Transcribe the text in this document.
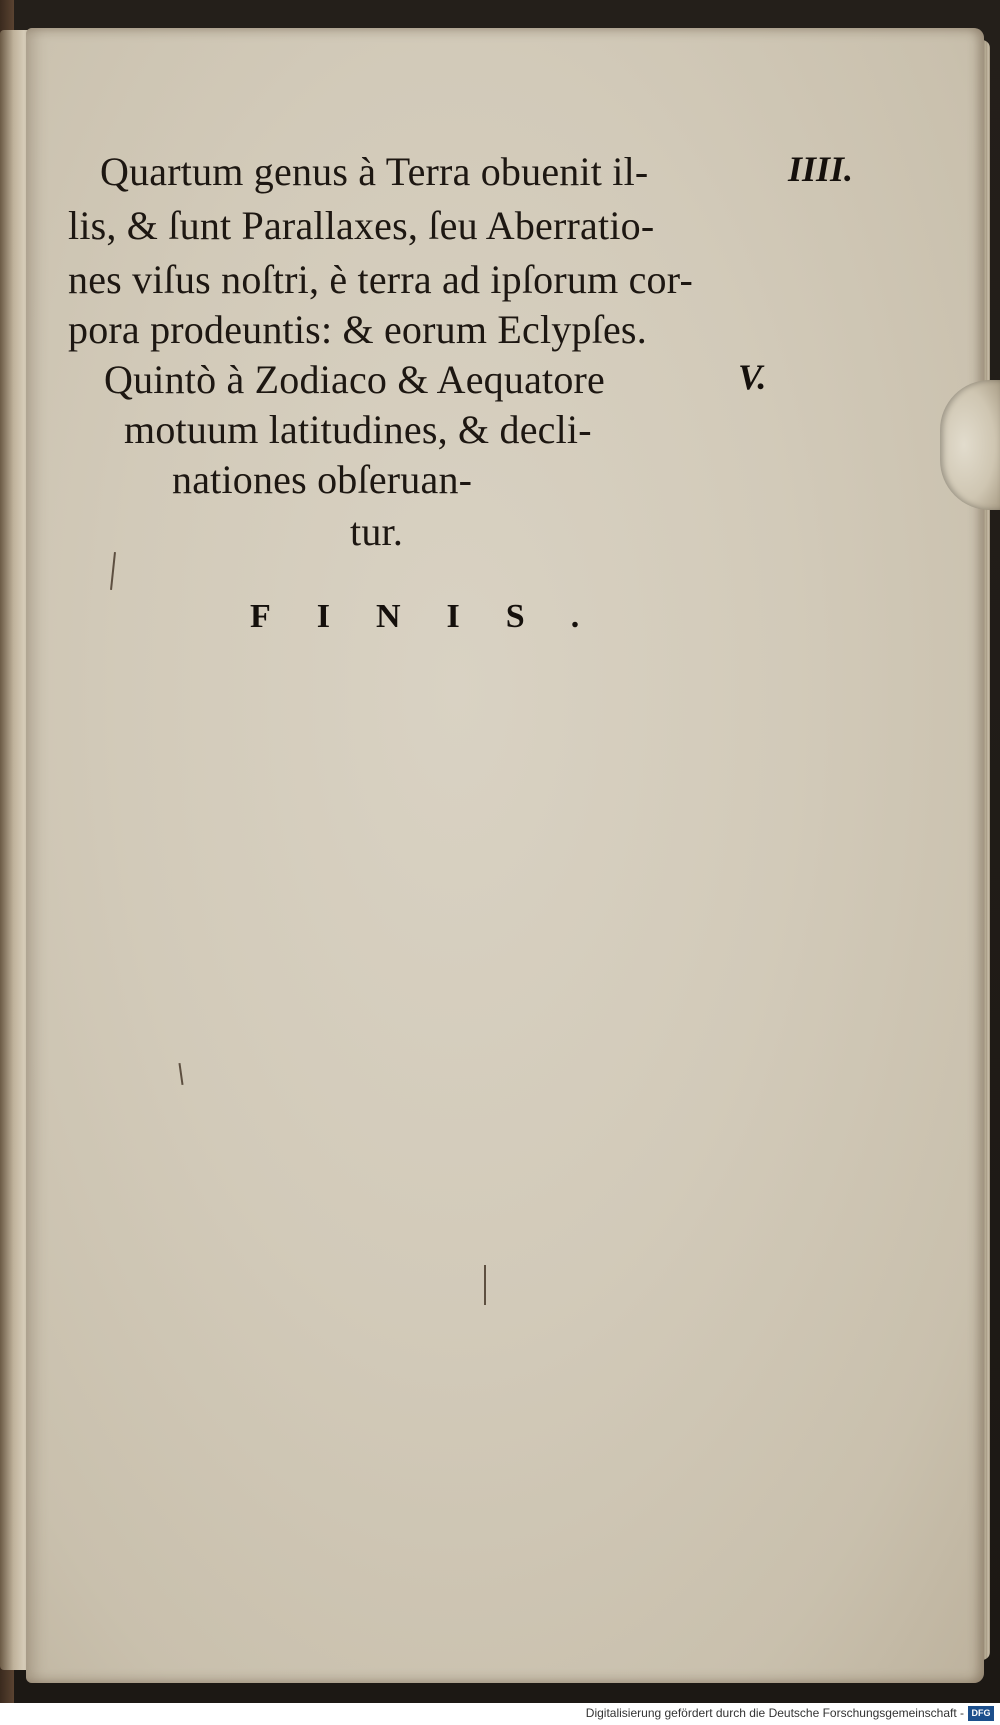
Quartum genus à Terra obuenit il-
lis, & ſunt Parallaxes, ſeu Aberratio-
nes viſus noſtri, è terra ad ipſorum cor-
pora prodeuntis: & eorum Eclypſes.
Quintò à Zodiaco & Aequatore
motuum latitudines, & decli-
nationes obſeruan-
tur.
IIII.
V.
FINIS.
Digitalisierung gefördert durch die Deutsche Forschungsgemeinschaft - DFG
